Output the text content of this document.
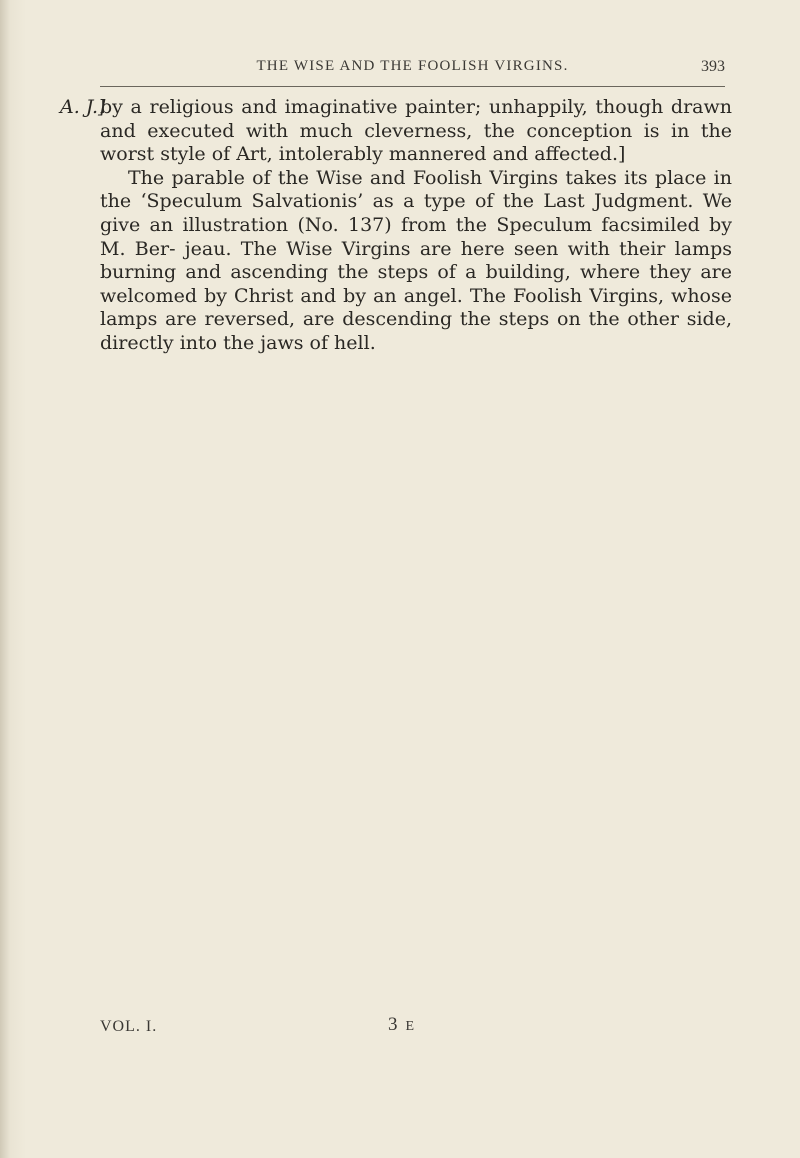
THE WISE AND THE FOOLISH VIRGINS.	393
A. J.]

by a religious and imaginative painter; unhappily, though drawn and executed with much cleverness, the conception is in the worst style of Art, intolerably mannered and affected.]

The parable of the Wise and Foolish Virgins takes its place in the ‘Speculum Salvationis’ as a type of the Last Judgment. We give an illustration (No. 137) from the Speculum facsimiled by M. Ber- jeau. The Wise Virgins are here seen with their lamps burning and ascending the steps of a building, where they are welcomed by Christ and by an angel. The Foolish Virgins, whose lamps are reversed, are descending the steps on the other side, directly into the jaws of hell.

VOL. I.	3 E
